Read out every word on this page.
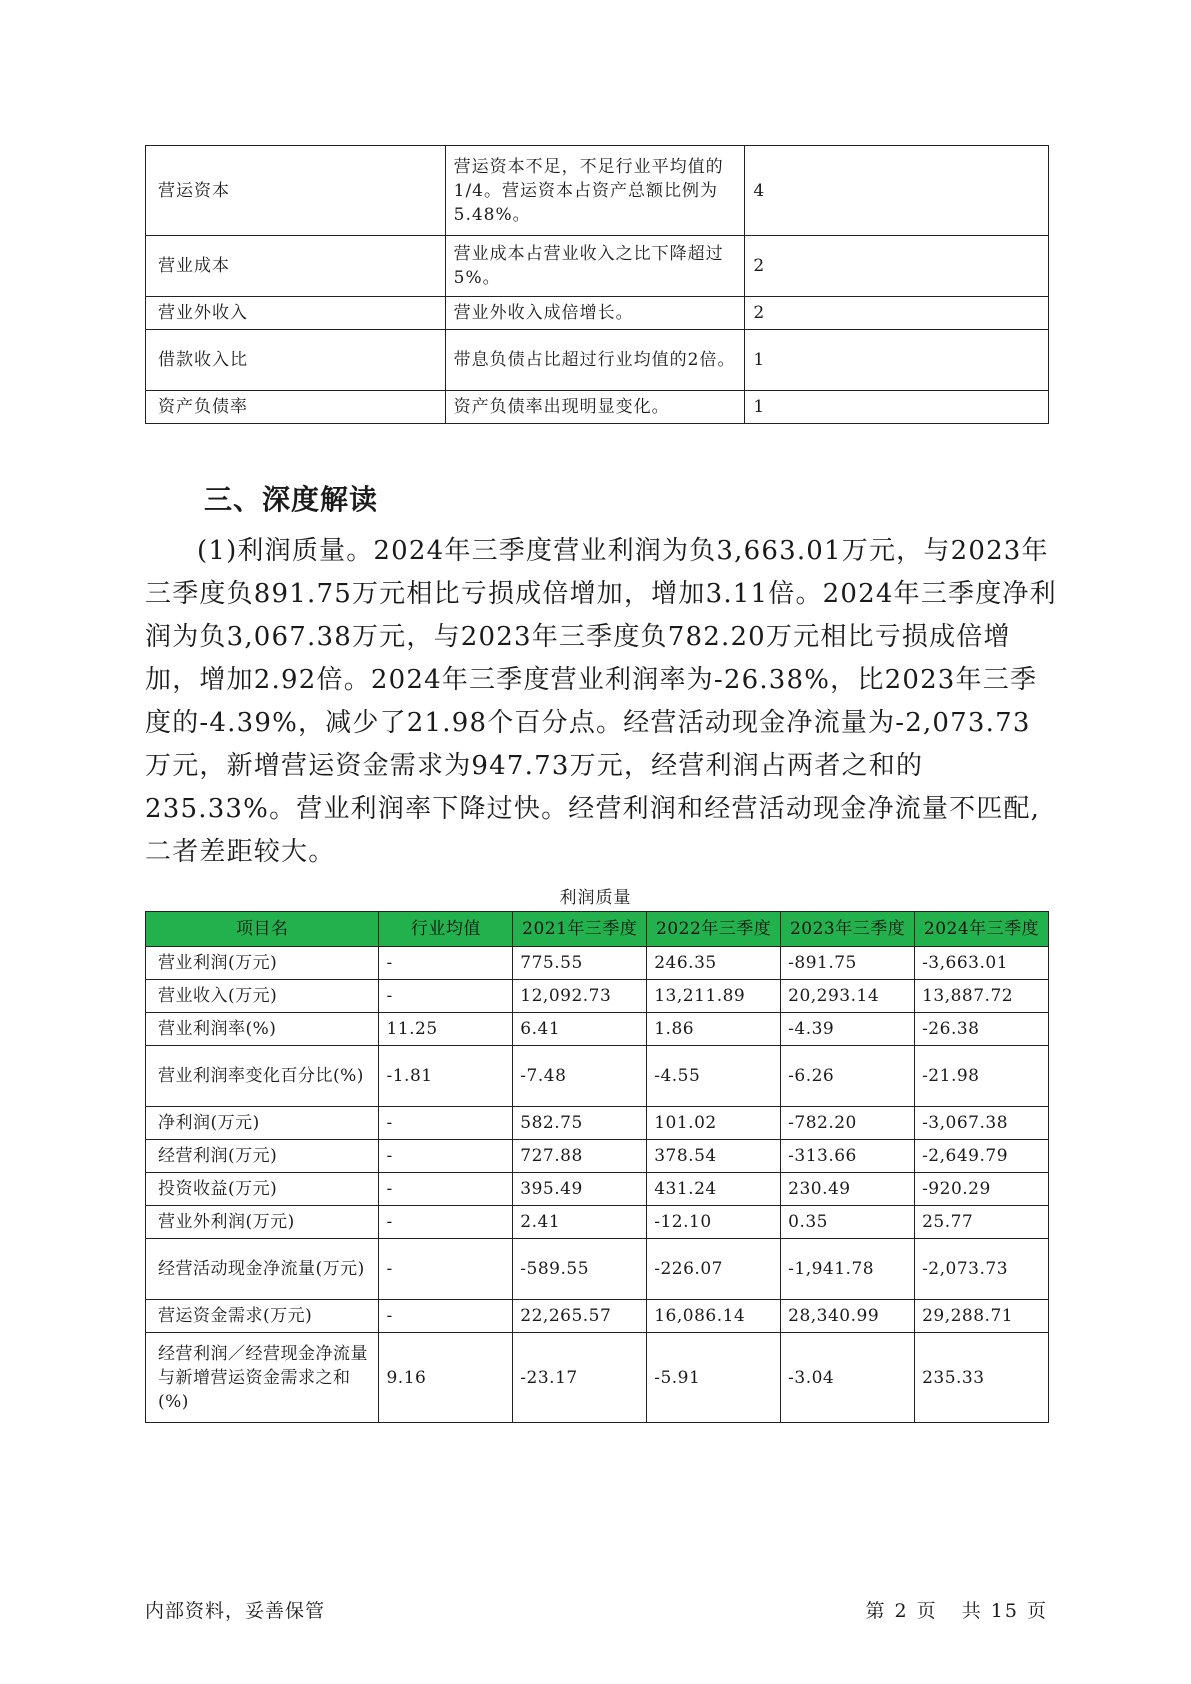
营运资本	营运资本不足，不足行业平均值的1/4。营运资本占资产总额比例为5.48%。	4
营业成本	营业成本占营业收入之比下降超过5%。	2
营业外收入	营业外收入成倍增长。	2
借款收入比	带息负债占比超过行业均值的2倍。	1
资产负债率	资产负债率出现明显变化。	1
三、深度解读

(1)利润质量。2024年三季度营业利润为负3,663.01万元，与2023年三季度负891.75万元相比亏损成倍增加，增加3.11倍。2024年三季度净利润为负3,067.38万元，与2023年三季度负782.20万元相比亏损成倍增加，增加2.92倍。2024年三季度营业利润率为-26.38%，比2023年三季度的-4.39%，减少了21.98个百分点。经营活动现金净流量为-2,073.73万元，新增营运资金需求为947.73万元，经营利润占两者之和的235.33%。营业利润率下降过快。经营利润和经营活动现金净流量不匹配,二者差距较大。

利润质量
项目名	行业均值	2021年三季度	2022年三季度	2023年三季度	2024年三季度
营业利润(万元)	-	775.55	246.35	-891.75	-3,663.01
营业收入(万元)	-	12,092.73	13,211.89	20,293.14	13,887.72
营业利润率(%)	11.25	6.41	1.86	-4.39	-26.38
营业利润率变化百分比(%)	-1.81	-7.48	-4.55	-6.26	-21.98
净利润(万元)	-	582.75	101.02	-782.20	-3,067.38
经营利润(万元)	-	727.88	378.54	-313.66	-2,649.79
投资收益(万元)	-	395.49	431.24	230.49	-920.29
营业外利润(万元)	-	2.41	-12.10	0.35	25.77
经营活动现金净流量(万元)	-	-589.55	-226.07	-1,941.78	-2,073.73
营运资金需求(万元)	-	22,265.57	16,086.14	28,340.99	29,288.71
经营利润／经营现金净流量与新增营运资金需求之和(%)	9.16	-23.17	-5.91	-3.04	235.33
内部资料，妥善保管	第 2 页   共 15 页
